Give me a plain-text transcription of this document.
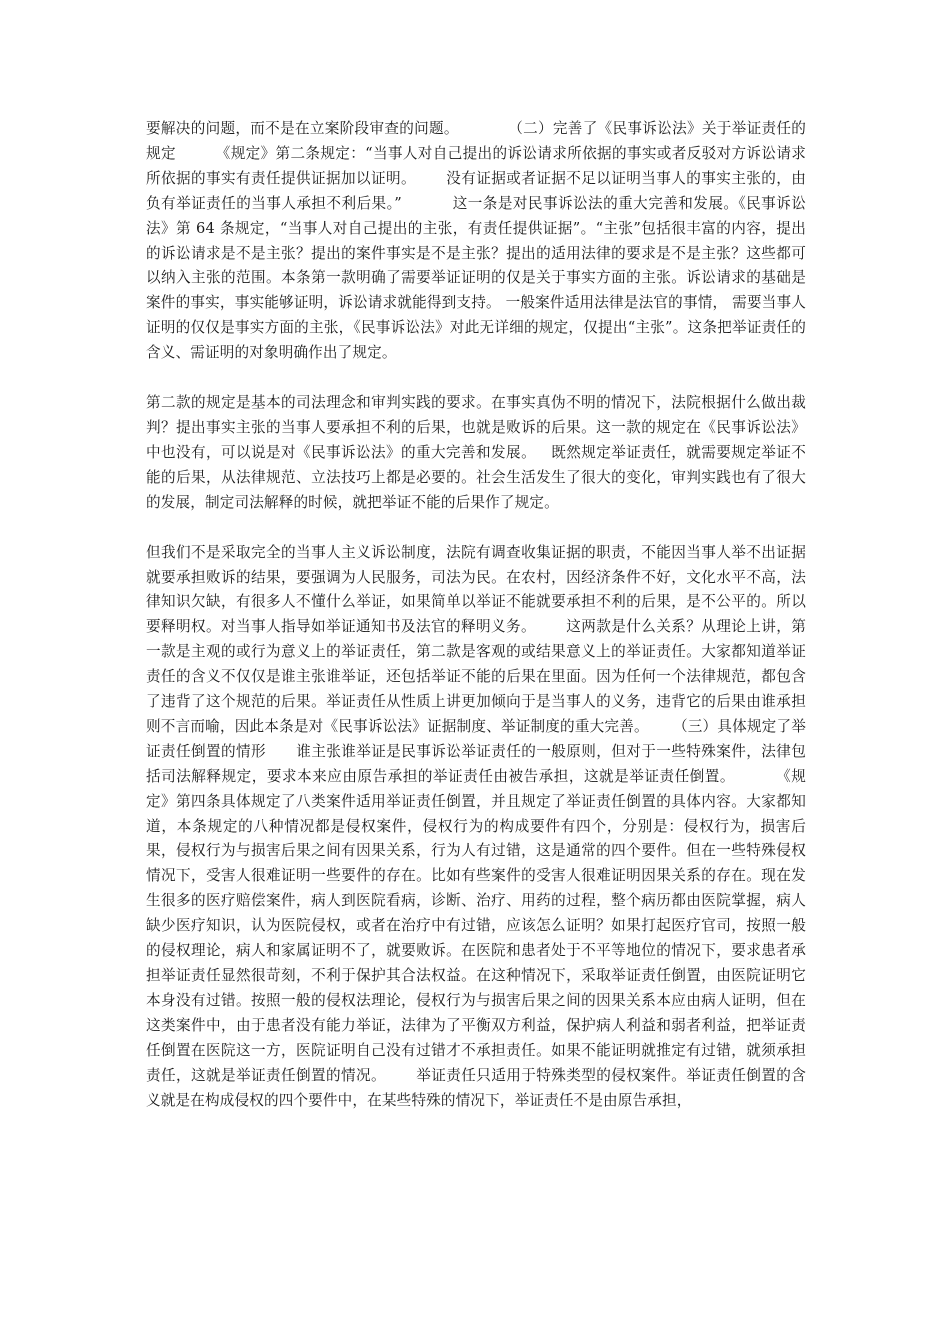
要解决的问题，而不是在立案阶段审查的问题。          （二）完善了《民事诉讼法》关于举证责任的规定        《规定》第二条规定：“当事人对自己提出的诉讼请求所依据的事实或者反驳对方诉讼请求所依据的事实有责任提供证据加以证明。      没有证据或者证据不足以证明当事人的事实主张的，由负有举证责任的当事人承担不利后果。”          这一条是对民事诉讼法的重大完善和发展。《民事诉讼法》第 64 条规定，“当事人对自己提出的主张，有责任提供证据”。“主张”包括很丰富的内容，提出的诉讼请求是不是主张？提出的案件事实是不是主张？提出的适用法律的要求是不是主张？这些都可以纳入主张的范围。本条第一款明确了需要举证证明的仅是关于事实方面的主张。诉讼请求的基础是案件的事实，事实能够证明，诉讼请求就能得到支持。 一般案件适用法律是法官的事情， 需要当事人证明的仅仅是事实方面的主张，《民事诉讼法》对此无详细的规定，仅提出“主张”。这条把举证责任的含义、需证明的对象明确作出了规定。

第二款的规定是基本的司法理念和审判实践的要求。在事实真伪不明的情况下，法院根据什么做出裁判？提出事实主张的当事人要承担不利的后果，也就是败诉的后果。这一款的规定在《民事诉讼法》中也没有，可以说是对《民事诉讼法》的重大完善和发展。   既然规定举证责任，就需要规定举证不能的后果，从法律规范、立法技巧上都是必要的。社会生活发生了很大的变化，审判实践也有了很大的发展，制定司法解释的时候，就把举证不能的后果作了规定。

但我们不是采取完全的当事人主义诉讼制度，法院有调查收集证据的职责，不能因当事人举不出证据就要承担败诉的结果，要强调为人民服务，司法为民。在农村，因经济条件不好，文化水平不高，法律知识欠缺，有很多人不懂什么举证，如果简单以举证不能就要承担不利的后果，是不公平的。所以要释明权。对当事人指导如举证通知书及法官的释明义务。      这两款是什么关系？从理论上讲，第一款是主观的或行为意义上的举证责任，第二款是客观的或结果意义上的举证责任。大家都知道举证责任的含义不仅仅是谁主张谁举证，还包括举证不能的后果在里面。因为任何一个法律规范，都包含了违背了这个规范的后果。举证责任从性质上讲更加倾向于是当事人的义务，违背它的后果由谁承担则不言而喻，因此本条是对《民事诉讼法》证据制度、举证制度的重大完善。     （三）具体规定了举证责任倒置的情形      谁主张谁举证是民事诉讼举证责任的一般原则，但对于一些特殊案件，法律包括司法解释规定，要求本来应由原告承担的举证责任由被告承担，这就是举证责任倒置。        《规定》第四条具体规定了八类案件适用举证责任倒置，并且规定了举证责任倒置的具体内容。大家都知道，本条规定的八种情况都是侵权案件，侵权行为的构成要件有四个，分别是：侵权行为，损害后果，侵权行为与损害后果之间有因果关系，行为人有过错，这是通常的四个要件。但在一些特殊侵权情况下，受害人很难证明一些要件的存在。比如有些案件的受害人很难证明因果关系的存在。现在发生很多的医疗赔偿案件，病人到医院看病，诊断、治疗、用药的过程，整个病历都由医院掌握，病人缺少医疗知识，认为医院侵权，或者在治疗中有过错，应该怎么证明？如果打起医疗官司，按照一般的侵权理论，病人和家属证明不了，就要败诉。在医院和患者处于不平等地位的情况下，要求患者承担举证责任显然很苛刻，不利于保护其合法权益。在这种情况下，采取举证责任倒置，由医院证明它本身没有过错。按照一般的侵权法理论，侵权行为与损害后果之间的因果关系本应由病人证明，但在这类案件中，由于患者没有能力举证，法律为了平衡双方利益，保护病人利益和弱者利益，把举证责任倒置在医院这一方，医院证明自己没有过错才不承担责任。如果不能证明就推定有过错，就须承担责任，这就是举证责任倒置的情况。      举证责任只适用于特殊类型的侵权案件。举证责任倒置的含义就是在构成侵权的四个要件中，在某些特殊的情况下，举证责任不是由原告承担，
